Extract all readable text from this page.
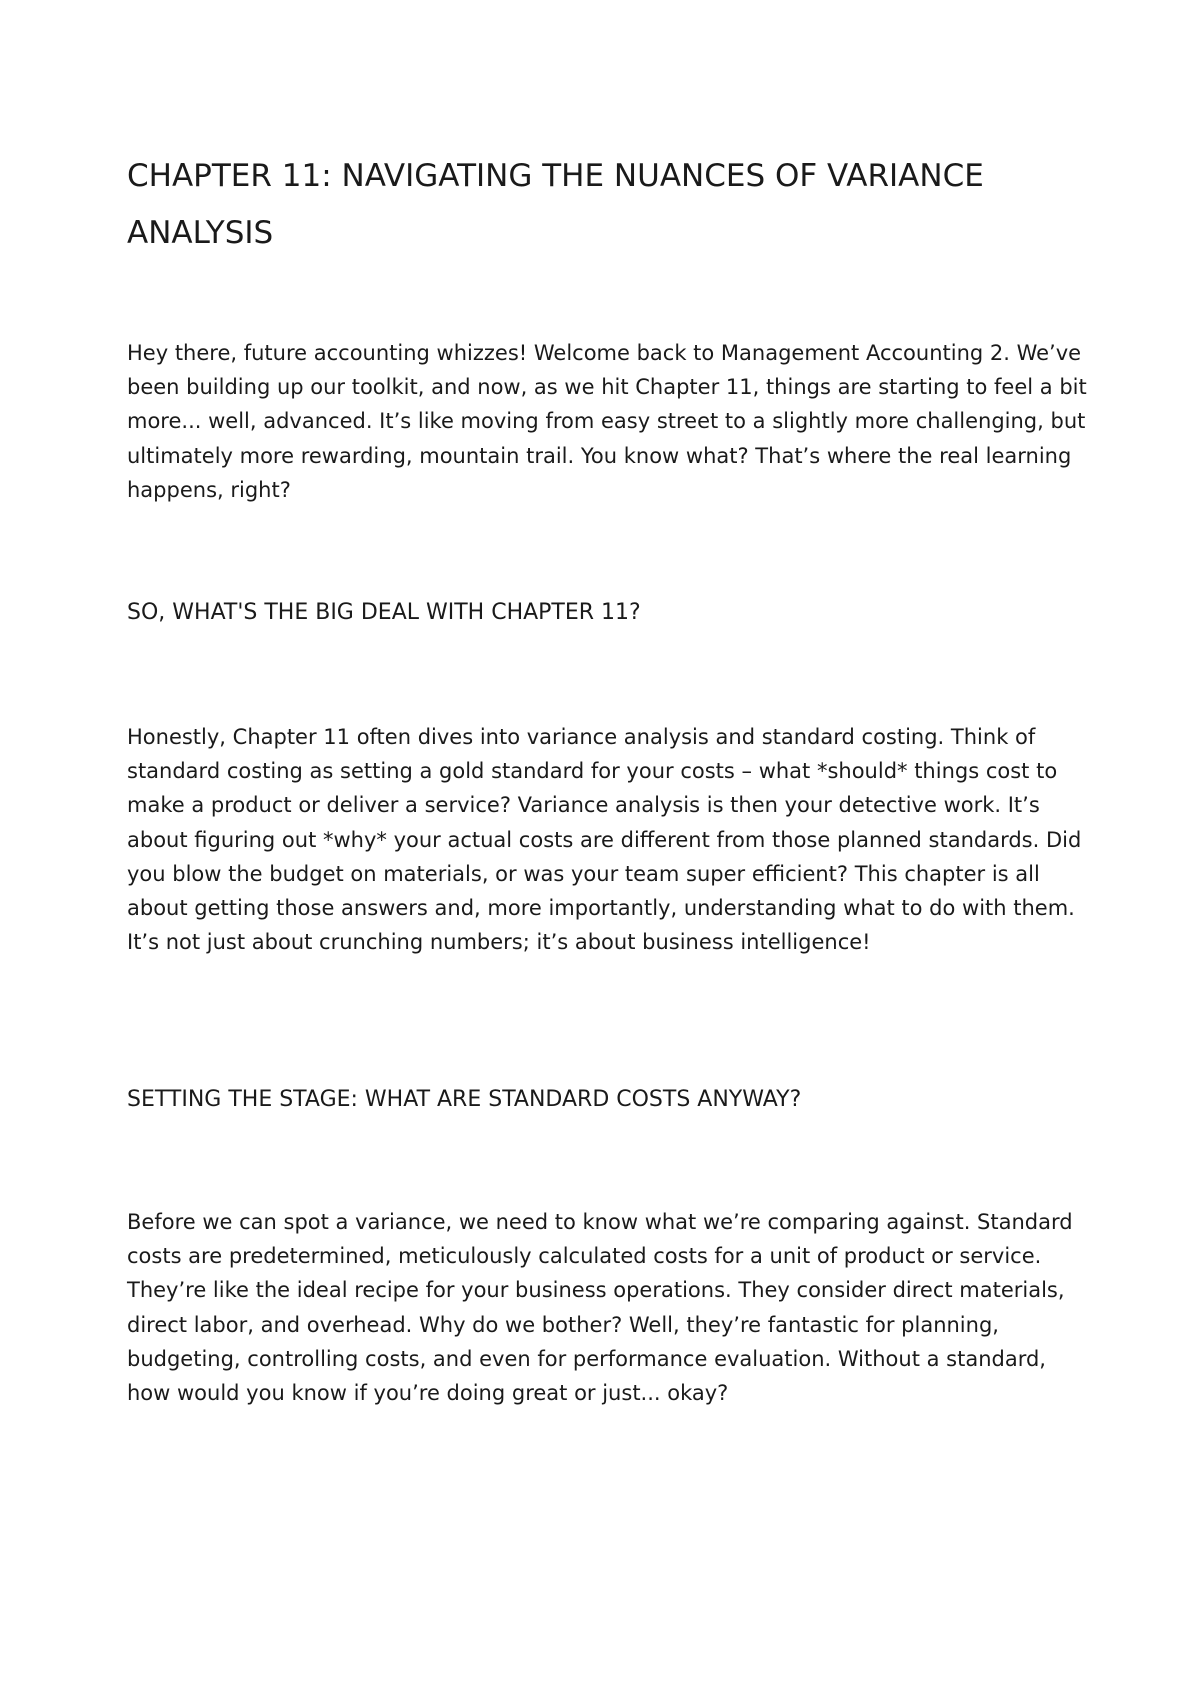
CHAPTER 11: NAVIGATING THE NUANCES OF VARIANCE ANALYSIS

Hey there, future accounting whizzes! Welcome back to Management Accounting 2. We’ve been building up our toolkit, and now, as we hit Chapter 11, things are starting to feel a bit more... well, advanced. It’s like moving from easy street to a slightly more challenging, but ultimately more rewarding, mountain trail. You know what? That’s where the real learning happens, right?

SO, WHAT'S THE BIG DEAL WITH CHAPTER 11?

Honestly, Chapter 11 often dives into variance analysis and standard costing. Think of standard costing as setting a gold standard for your costs – what *should* things cost to make a product or deliver a service? Variance analysis is then your detective work. It’s about figuring out *why* your actual costs are different from those planned standards. Did you blow the budget on materials, or was your team super efficient? This chapter is all about getting those answers and, more importantly, understanding what to do with them. It’s not just about crunching numbers; it’s about business intelligence!

SETTING THE STAGE: WHAT ARE STANDARD COSTS ANYWAY?

Before we can spot a variance, we need to know what we’re comparing against. Standard costs are predetermined, meticulously calculated costs for a unit of product or service. They’re like the ideal recipe for your business operations. They consider direct materials, direct labor, and overhead. Why do we bother? Well, they’re fantastic for planning, budgeting, controlling costs, and even for performance evaluation. Without a standard, how would you know if you’re doing great or just... okay?
